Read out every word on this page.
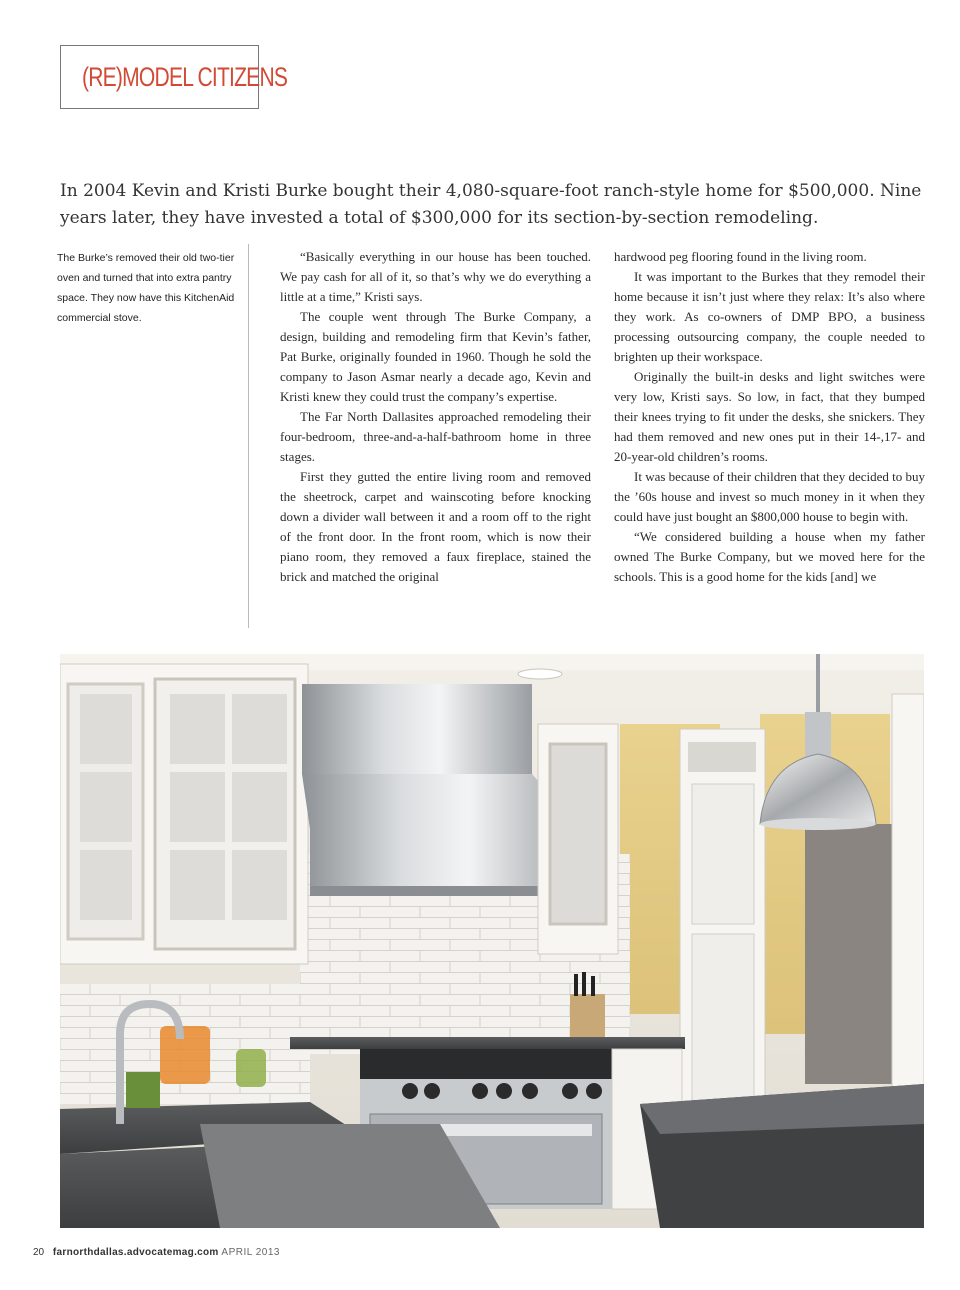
(RE)MODEL CITIZENS
In 2004 Kevin and Kristi Burke bought their 4,080-square-foot ranch-style home for $500,000. Nine years later, they have invested a total of $300,000 for its section-by-section remodeling.
The Burke’s removed their old two-tier oven and turned that into extra pantry space. They now have this KitchenAid commercial stove.

“Basically everything in our house has been touched. We pay cash for all of it, so that’s why we do everything a little at a time,” Kristi says.

The couple went through The Burke Company, a design, building and remodeling firm that Kevin’s father, Pat Burke, originally founded in 1960. Though he sold the company to Jason Asmar nearly a decade ago, Kevin and Kristi knew they could trust the company’s expertise.

The Far North Dallasites approached remodeling their four-bedroom, three-and-a-half-bathroom home in three stages.

First they gutted the entire living room and removed the sheetrock, carpet and wainscoting before knocking down a divider wall between it and a room off to the right of the front door. In the front room, which is now their piano room, they removed a faux fireplace, stained the brick and matched the original

hardwood peg flooring found in the living room.

It was important to the Burkes that they remodel their home because it isn’t just where they relax: It’s also where they work. As co-owners of DMP BPO, a business processing outsourcing company, the couple needed to brighten up their workspace.

Originally the built-in desks and light switches were very low, Kristi says. So low, in fact, that they bumped their knees trying to fit under the desks, she snickers. They had them removed and new ones put in their 14-,17- and 20-year-old children’s rooms.

It was because of their children that they decided to buy the ’60s house and invest so much money in it when they could have just bought an $800,000 house to begin with.

“We considered building a house when my father owned The Burke Company, but we moved here for the schools. This is a good home for the kids [and] we

20 farnorthdallas.advocatemag.com APRIL 2013
